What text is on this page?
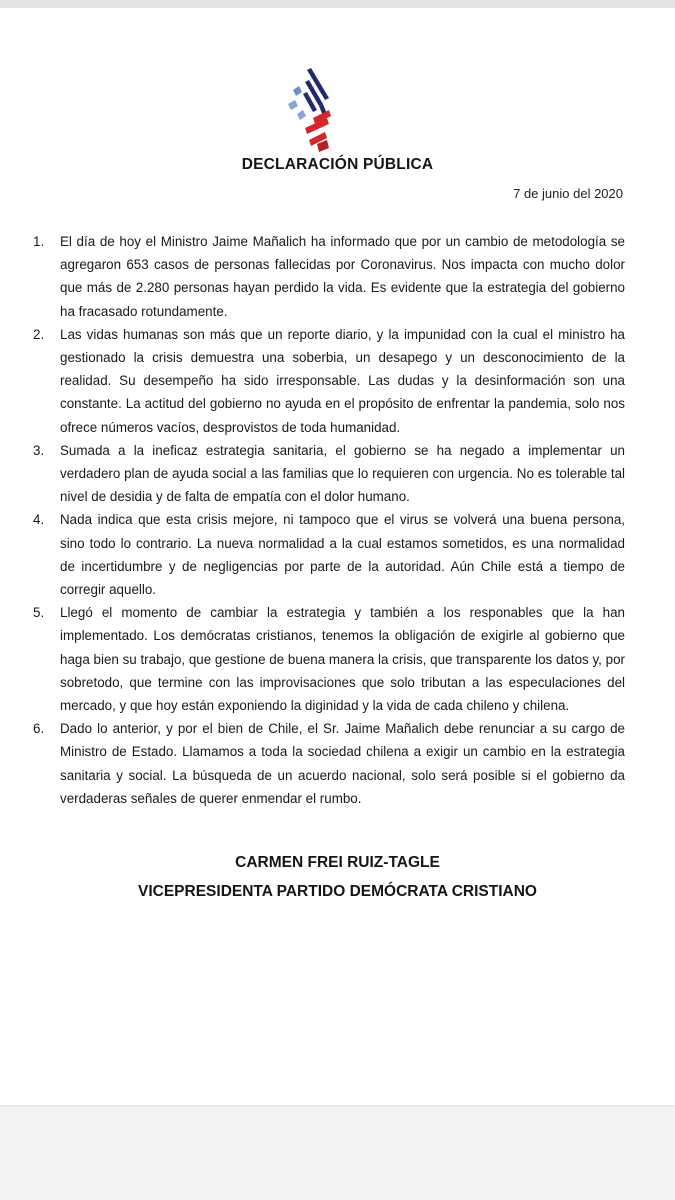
DECLARACIÓN PÚBLICA
7 de junio del 2020
1. El día de hoy el Ministro Jaime Mañalich ha informado que por un cambio de metodología se agregaron 653 casos de personas fallecidas por Coronavirus. Nos impacta con mucho dolor que más de 2.280 personas hayan perdido la vida. Es evidente que la estrategia del gobierno ha fracasado rotundamente.
2. Las vidas humanas son más que un reporte diario, y la impunidad con la cual el ministro ha gestionado la crisis demuestra una soberbia, un desapego y un desconocimiento de la realidad. Su desempeño ha sido irresponsable. Las dudas y la desinformación son una constante. La actitud del gobierno no ayuda en el propósito de enfrentar la pandemia, solo nos ofrece números vacíos, desprovistos de toda humanidad.
3. Sumada a la ineficaz estrategia sanitaria, el gobierno se ha negado a implementar un verdadero plan de ayuda social a las familias que lo requieren con urgencia. No es tolerable tal nivel de desidia y de falta de empatía con el dolor humano.
4. Nada indica que esta crisis mejore, ni tampoco que el virus se volverá una buena persona, sino todo lo contrario. La nueva normalidad a la cual estamos sometidos, es una normalidad de incertidumbre y de negligencias por parte de la autoridad. Aún Chile está a tiempo de corregir aquello.
5. Llegó el momento de cambiar la estrategia y también a los responables que la han implementado. Los demócratas cristianos, tenemos la obligación de exigirle al gobierno que haga bien su trabajo, que gestione de buena manera la crisis, que transparente los datos y, por sobretodo, que termine con las improvisaciones que solo tributan a las especulaciones del mercado, y que hoy están exponiendo la diginidad y la vida de cada chileno y chilena.
6. Dado lo anterior, y por el bien de Chile, el Sr. Jaime Mañalich debe renunciar a su cargo de Ministro de Estado. Llamamos a toda la sociedad chilena a exigir un cambio en la estrategia sanitaria y social. La búsqueda de un acuerdo nacional, solo será posible si el gobierno da verdaderas señales de querer enmendar el rumbo.
CARMEN FREI RUIZ-TAGLE
VICEPRESIDENTA PARTIDO DEMÓCRATA CRISTIANO
